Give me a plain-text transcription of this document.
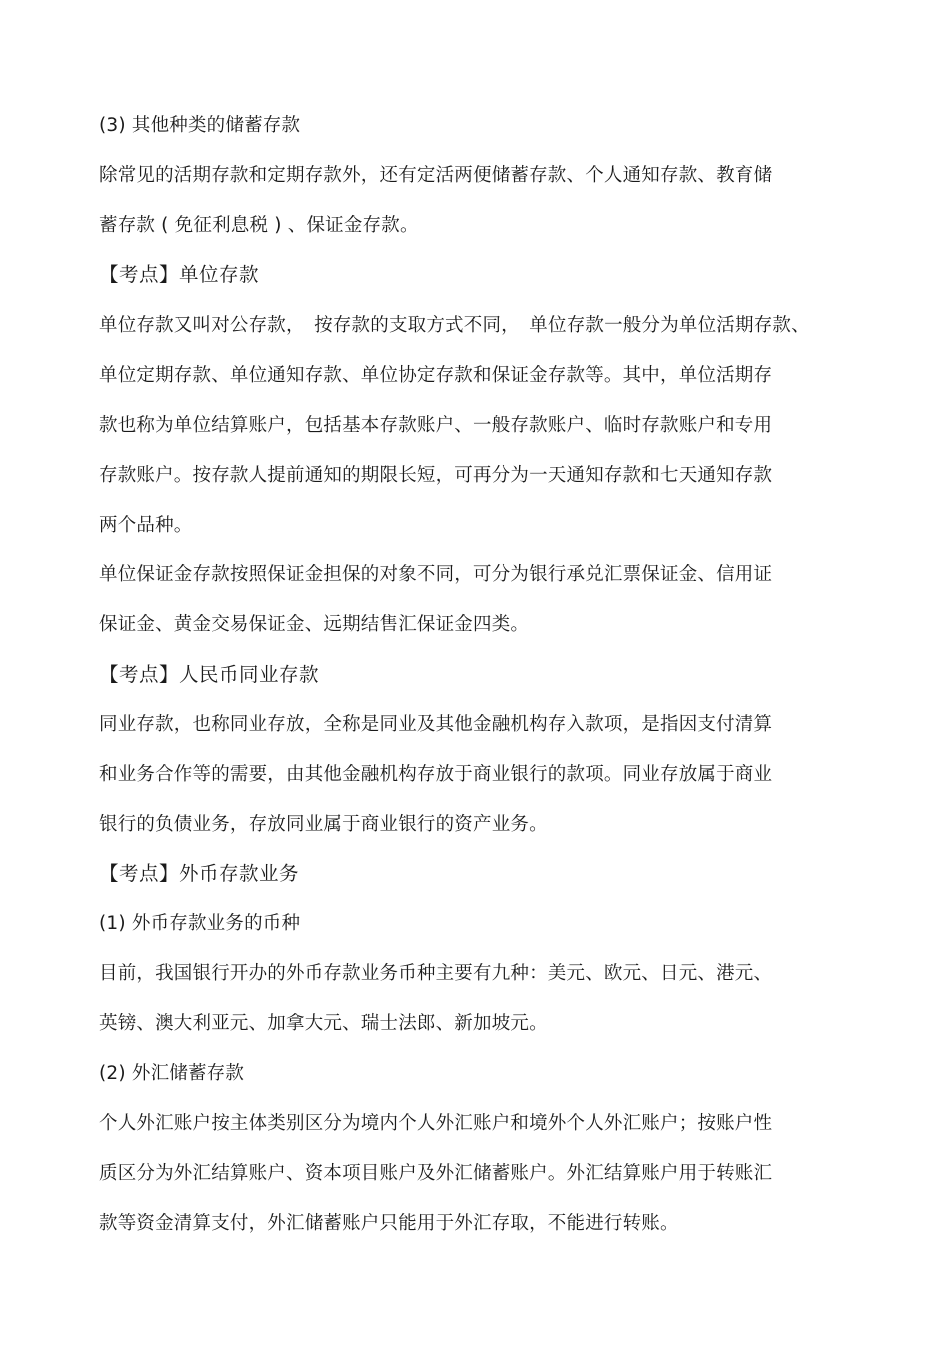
(3) 其他种类的储蓄存款
除常见的活期存款和定期存款外，还有定活两便储蓄存款、个人通知存款、教育储
蓄存款 ( 免征利息税 ) 、保证金存款。
【考点】单位存款
单位存款又叫对公存款，　按存款的支取方式不同，　单位存款一般分为单位活期存款、
单位定期存款、单位通知存款、单位协定存款和保证金存款等。其中，单位活期存
款也称为单位结算账户，包括基本存款账户、一般存款账户、临时存款账户和专用
存款账户。按存款人提前通知的期限长短，可再分为一天通知存款和七天通知存款
两个品种。
单位保证金存款按照保证金担保的对象不同，可分为银行承兑汇票保证金、信用证
保证金、黄金交易保证金、远期结售汇保证金四类。
【考点】人民币同业存款
同业存款，也称同业存放，全称是同业及其他金融机构存入款项，是指因支付清算
和业务合作等的需要，由其他金融机构存放于商业银行的款项。同业存放属于商业
银行的负债业务，存放同业属于商业银行的资产业务。
【考点】外币存款业务
(1) 外币存款业务的币种
目前，我国银行开办的外币存款业务币种主要有九种：美元、欧元、日元、港元、
英镑、澳大利亚元、加拿大元、瑞士法郎、新加坡元。
(2) 外汇储蓄存款
个人外汇账户按主体类别区分为境内个人外汇账户和境外个人外汇账户；按账户性
质区分为外汇结算账户、资本项目账户及外汇储蓄账户。外汇结算账户用于转账汇
款等资金清算支付，外汇储蓄账户只能用于外汇存取，不能进行转账。
